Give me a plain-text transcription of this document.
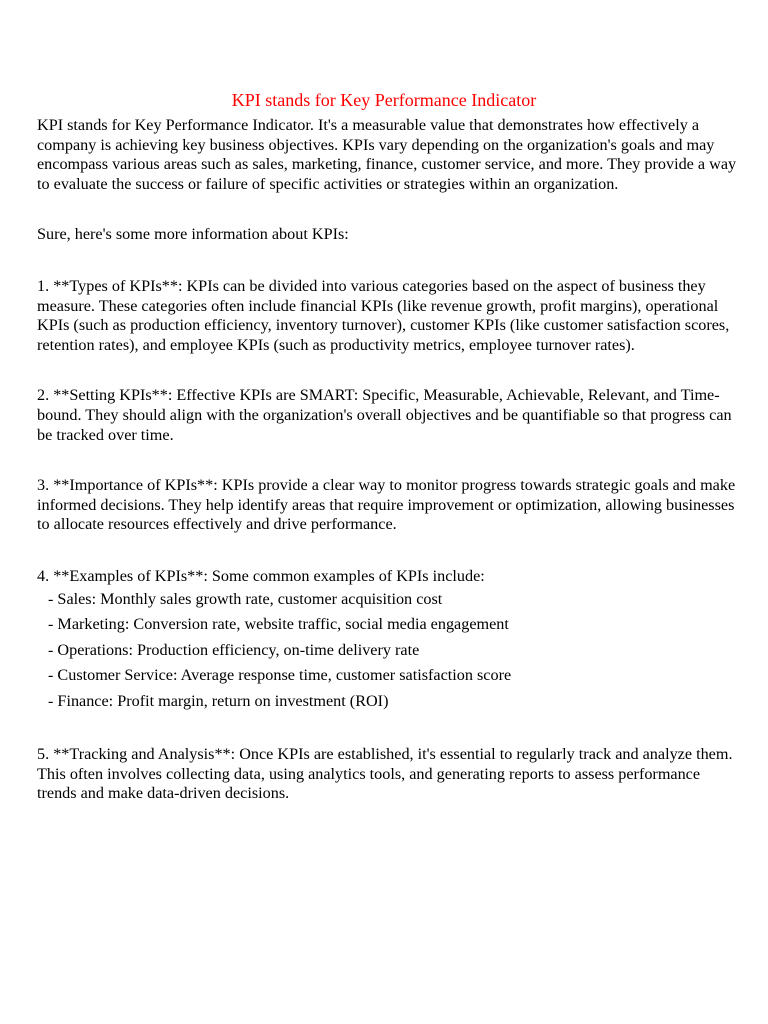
KPI stands for Key Performance Indicator

KPI stands for Key Performance Indicator. It's a measurable value that demonstrates how effectively a company is achieving key business objectives. KPIs vary depending on the organization's goals and may encompass various areas such as sales, marketing, finance, customer service, and more. They provide a way to evaluate the success or failure of specific activities or strategies within an organization.

Sure, here's some more information about KPIs:

1. **Types of KPIs**: KPIs can be divided into various categories based on the aspect of business they measure. These categories often include financial KPIs (like revenue growth, profit margins), operational KPIs (such as production efficiency, inventory turnover), customer KPIs (like customer satisfaction scores, retention rates), and employee KPIs (such as productivity metrics, employee turnover rates).

2. **Setting KPIs**: Effective KPIs are SMART: Specific, Measurable, Achievable, Relevant, and Time-bound. They should align with the organization's overall objectives and be quantifiable so that progress can be tracked over time.

3. **Importance of KPIs**: KPIs provide a clear way to monitor progress towards strategic goals and make informed decisions. They help identify areas that require improvement or optimization, allowing businesses to allocate resources effectively and drive performance.

4. **Examples of KPIs**: Some common examples of KPIs include:

- Sales: Monthly sales growth rate, customer acquisition cost

- Marketing: Conversion rate, website traffic, social media engagement

- Operations: Production efficiency, on-time delivery rate

- Customer Service: Average response time, customer satisfaction score

- Finance: Profit margin, return on investment (ROI)

5. **Tracking and Analysis**: Once KPIs are established, it's essential to regularly track and analyze them. This often involves collecting data, using analytics tools, and generating reports to assess performance trends and make data-driven decisions.
